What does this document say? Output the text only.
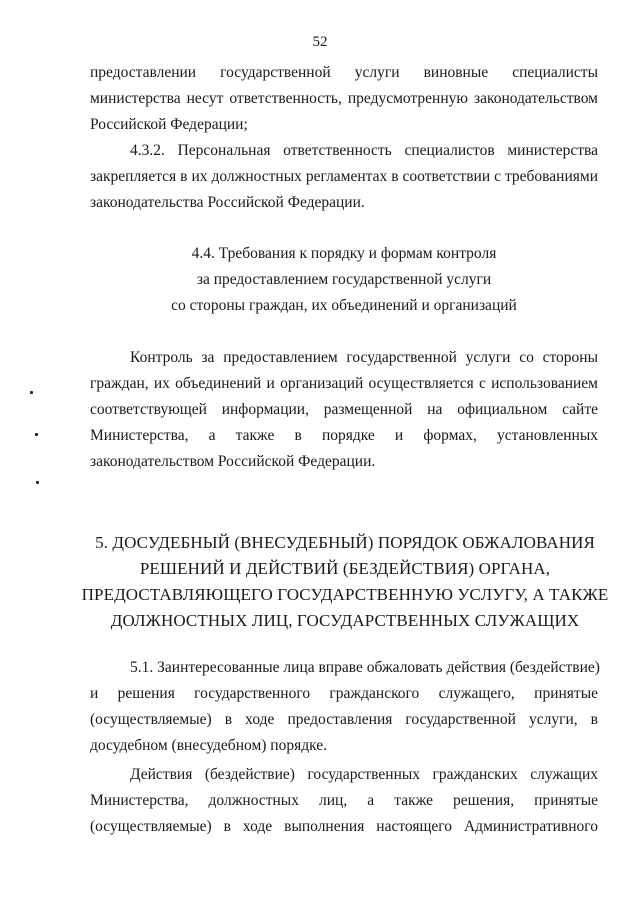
52
предоставлении государственной услуги виновные специалисты
министерства несут ответственность, предусмотренную законодательством
Российской Федерации;
4.3.2. Персональная ответственность специалистов министерства
закрепляется в их должностных регламентах в соответствии с требованиями
законодательства Российской Федерации.
4.4. Требования к порядку и формам контроля
за предоставлением государственной услуги
со стороны граждан, их объединений и организаций
Контроль за предоставлением государственной услуги со стороны
граждан, их объединений и организаций осуществляется с использованием
соответствующей информации, размещенной на официальном сайте
Министерства, а также в порядке и формах, установленных
законодательством Российской Федерации.
5. ДОСУДЕБНЫЙ (ВНЕСУДЕБНЫЙ) ПОРЯДОК ОБЖАЛОВАНИЯ
РЕШЕНИЙ И ДЕЙСТВИЙ (БЕЗДЕЙСТВИЯ) ОРГАНА,
ПРЕДОСТАВЛЯЮЩЕГО ГОСУДАРСТВЕННУЮ УСЛУГУ, А ТАКЖЕ
ДОЛЖНОСТНЫХ ЛИЦ, ГОСУДАРСТВЕННЫХ СЛУЖАЩИХ
5.1. Заинтересованные лица вправе обжаловать действия (бездействие)
и решения государственного гражданского служащего, принятые
(осуществляемые) в ходе предоставления государственной услуги, в
досудебном (внесудебном) порядке.
Действия (бездействие) государственных гражданских служащих
Министерства, должностных лиц, а также решения, принятые
(осуществляемые) в ходе выполнения настоящего Административного
